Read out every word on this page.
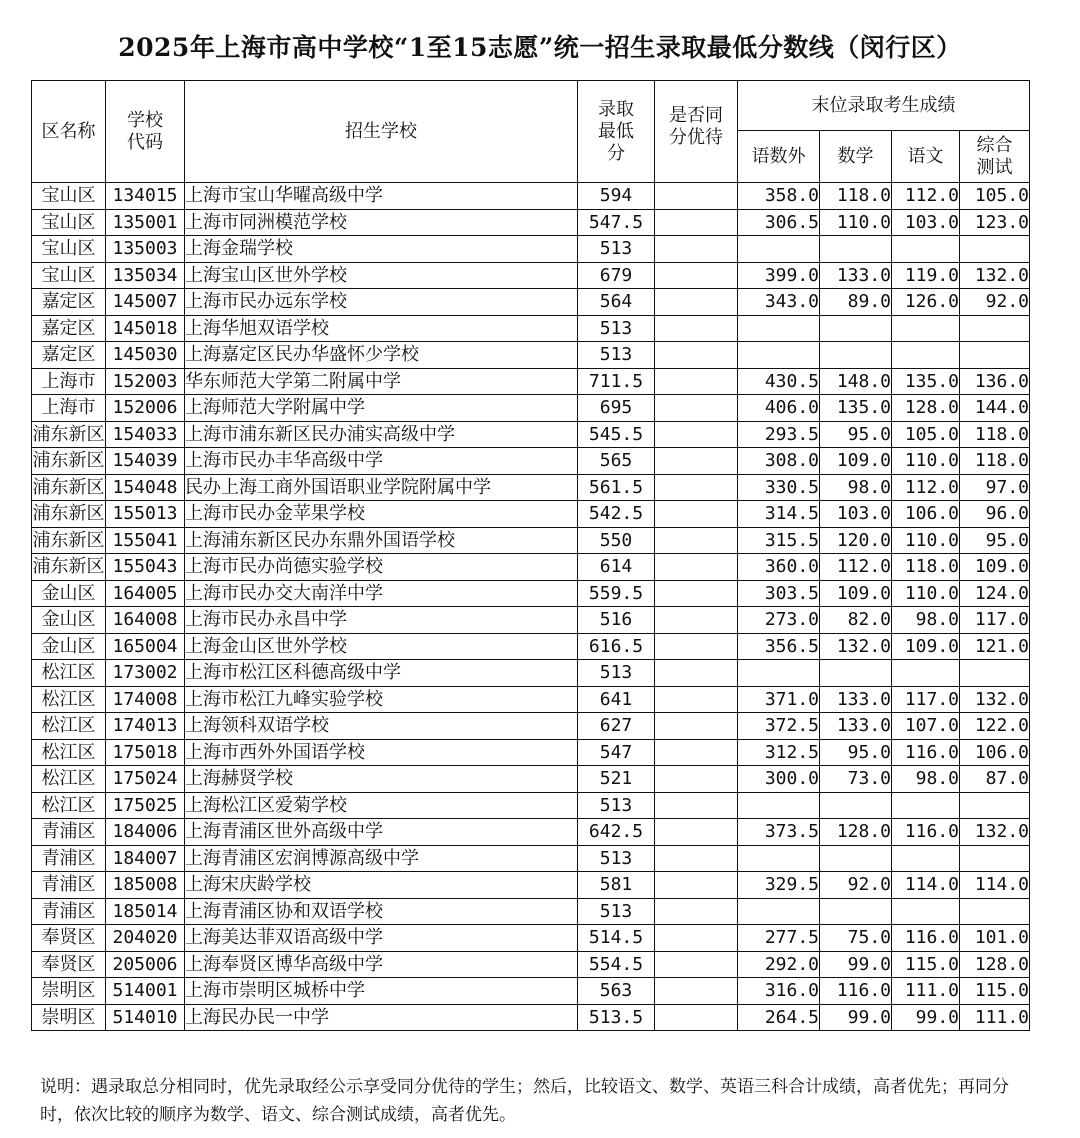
2025年上海市高中学校“1至15志愿”统一招生录取最低分数线（闵行区）
区名称	学校代码	招生学校	录取最低分	是否同分优待	末位录取考生成绩			
					语数外	数学	语文	综合测试

宝山区	134015	上海市宝山华曜高级中学	594		358.0	118.0	112.0	105.0
宝山区	135001	上海市同洲模范学校	547.5		306.5	110.0	103.0	123.0
宝山区	135003	上海金瑞学校	513					
宝山区	135034	上海宝山区世外学校	679		399.0	133.0	119.0	132.0
嘉定区	145007	上海市民办远东学校	564		343.0	89.0	126.0	92.0
嘉定区	145018	上海华旭双语学校	513					
嘉定区	145030	上海嘉定区民办华盛怀少学校	513					
上海市	152003	华东师范大学第二附属中学	711.5		430.5	148.0	135.0	136.0
上海市	152006	上海师范大学附属中学	695		406.0	135.0	128.0	144.0
浦东新区	154033	上海市浦东新区民办浦实高级中学	545.5		293.5	95.0	105.0	118.0
浦东新区	154039	上海市民办丰华高级中学	565		308.0	109.0	110.0	118.0
浦东新区	154048	民办上海工商外国语职业学院附属中学	561.5		330.5	98.0	112.0	97.0
浦东新区	155013	上海市民办金苹果学校	542.5		314.5	103.0	106.0	96.0
浦东新区	155041	上海浦东新区民办东鼎外国语学校	550		315.5	120.0	110.0	95.0
浦东新区	155043	上海市民办尚德实验学校	614		360.0	112.0	118.0	109.0
金山区	164005	上海市民办交大南洋中学	559.5		303.5	109.0	110.0	124.0
金山区	164008	上海市民办永昌中学	516		273.0	82.0	98.0	117.0
金山区	165004	上海金山区世外学校	616.5		356.5	132.0	109.0	121.0
松江区	173002	上海市松江区科德高级中学	513					
松江区	174008	上海市松江九峰实验学校	641		371.0	133.0	117.0	132.0
松江区	174013	上海领科双语学校	627		372.5	133.0	107.0	122.0
松江区	175018	上海市西外外国语学校	547		312.5	95.0	116.0	106.0
松江区	175024	上海赫贤学校	521		300.0	73.0	98.0	87.0
松江区	175025	上海松江区爱菊学校	513					
青浦区	184006	上海青浦区世外高级中学	642.5		373.5	128.0	116.0	132.0
青浦区	184007	上海青浦区宏润博源高级中学	513					
青浦区	185008	上海宋庆龄学校	581		329.5	92.0	114.0	114.0
青浦区	185014	上海青浦区协和双语学校	513					
奉贤区	204020	上海美达菲双语高级中学	514.5		277.5	75.0	116.0	101.0
奉贤区	205006	上海奉贤区博华高级中学	554.5		292.0	99.0	115.0	128.0
崇明区	514001	上海市崇明区城桥中学	563		316.0	116.0	111.0	115.0
崇明区	514010	上海民办民一中学	513.5		264.5	99.0	99.0	111.0
说明：遇录取总分相同时，优先录取经公示享受同分优待的学生；然后，比较语文、数学、英语三科合计成绩，高者优先；再同分时，依次比较的顺序为数学、语文、综合测试成绩，高者优先。
